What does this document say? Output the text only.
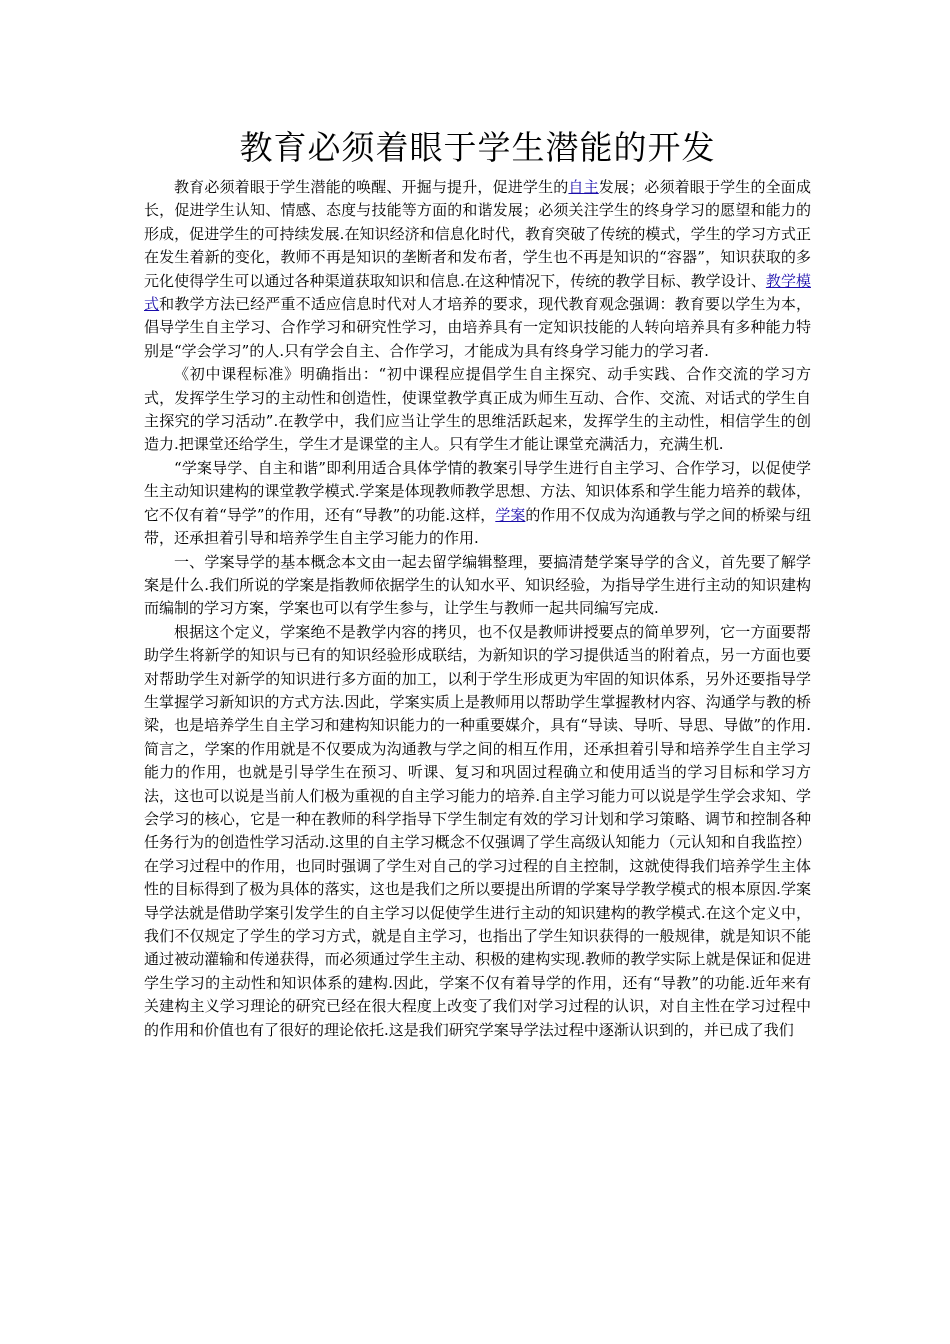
教育必须着眼于学生潜能的开发

教育必须着眼于学生潜能的唤醒、开掘与提升，促进学生的自主发展；必须着眼于学生的全面成长，促进学生认知、情感、态度与技能等方面的和谐发展；必须关注学生的终身学习的愿望和能力的形成，促进学生的可持续发展.在知识经济和信息化时代，教育突破了传统的模式，学生的学习方式正在发生着新的变化，教师不再是知识的垄断者和发布者，学生也不再是知识的“容器”，知识获取的多元化使得学生可以通过各种渠道获取知识和信息.在这种情况下，传统的教学目标、教学设计、教学模式和教学方法已经严重不适应信息时代对人才培养的要求，现代教育观念强调：教育要以学生为本，倡导学生自主学习、合作学习和研究性学习，由培养具有一定知识技能的人转向培养具有多种能力特别是“学会学习”的人.只有学会自主、合作学习，才能成为具有终身学习能力的学习者.

《初中课程标准》明确指出：“初中课程应提倡学生自主探究、动手实践、合作交流的学习方式，发挥学生学习的主动性和创造性，使课堂教学真正成为师生互动、合作、交流、对话式的学生自主探究的学习活动”.在教学中，我们应当让学生的思维活跃起来，发挥学生的主动性，相信学生的创造力.把课堂还给学生，学生才是课堂的主人。只有学生才能让课堂充满活力，充满生机.

“学案导学、自主和谐”即利用适合具体学情的教案引导学生进行自主学习、合作学习，以促使学生主动知识建构的课堂教学模式.学案是体现教师教学思想、方法、知识体系和学生能力培养的载体，它不仅有着“导学”的作用，还有“导教”的功能.这样，学案的作用不仅成为沟通教与学之间的桥梁与纽带，还承担着引导和培养学生自主学习能力的作用.

一、学案导学的基本概念本文由一起去留学编辑整理，要搞清楚学案导学的含义，首先要了解学案是什么.我们所说的学案是指教师依据学生的认知水平、知识经验，为指导学生进行主动的知识建构而编制的学习方案，学案也可以有学生参与，让学生与教师一起共同编写完成.

根据这个定义，学案绝不是教学内容的拷贝，也不仅是教师讲授要点的简单罗列，它一方面要帮助学生将新学的知识与已有的知识经验形成联结，为新知识的学习提供适当的附着点，另一方面也要对帮助学生对新学的知识进行多方面的加工，以利于学生形成更为牢固的知识体系，另外还要指导学生掌握学习新知识的方式方法.因此，学案实质上是教师用以帮助学生掌握教材内容、沟通学与教的桥梁，也是培养学生自主学习和建构知识能力的一种重要媒介，具有“导读、导听、导思、导做”的作用.简言之，学案的作用就是不仅要成为沟通教与学之间的相互作用，还承担着引导和培养学生自主学习能力的作用，也就是引导学生在预习、听课、复习和巩固过程确立和使用适当的学习目标和学习方法，这也可以说是当前人们极为重视的自主学习能力的培养.自主学习能力可以说是学生学会求知、学会学习的核心，它是一种在教师的科学指导下学生制定有效的学习计划和学习策略、调节和控制各种任务行为的创造性学习活动.这里的自主学习概念不仅强调了学生高级认知能力（元认知和自我监控）在学习过程中的作用，也同时强调了学生对自己的学习过程的自主控制，这就使得我们培养学生主体性的目标得到了极为具体的落实，这也是我们之所以要提出所谓的学案导学教学模式的根本原因.学案导学法就是借助学案引发学生的自主学习以促使学生进行主动的知识建构的教学模式.在这个定义中，我们不仅规定了学生的学习方式，就是自主学习，也指出了学生知识获得的一般规律，就是知识不能通过被动灌输和传递获得，而必须通过学生主动、积极的建构实现.教师的教学实际上就是保证和促进学生学习的主动性和知识体系的建构.因此，学案不仅有着导学的作用，还有“导教”的功能.近年来有关建构主义学习理论的研究已经在很大程度上改变了我们对学习过程的认识，对自主性在学习过程中的作用和价值也有了很好的理论依托.这是我们研究学案导学法过程中逐渐认识到的，并已成了我们
